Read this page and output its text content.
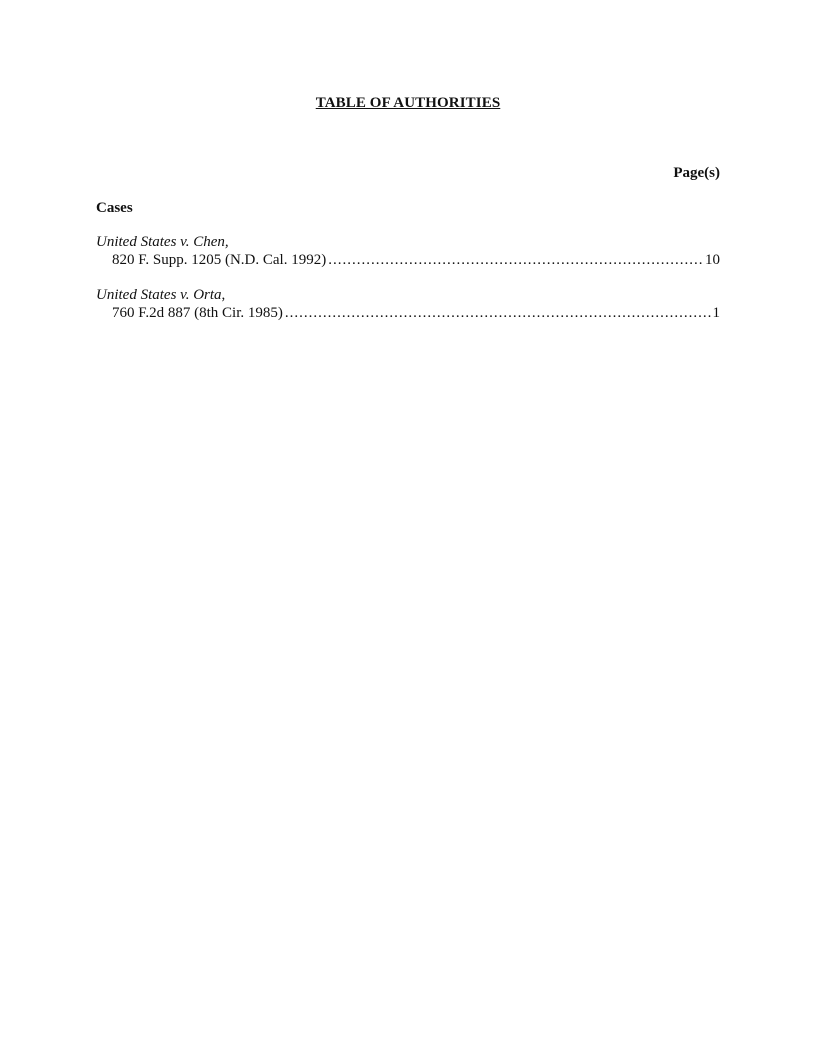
TABLE OF AUTHORITIES
Page(s)
Cases
United States v. Chen,
820 F. Supp. 1205 (N.D. Cal. 1992) .....	10
United States v. Orta,
760 F.2d 887 (8th Cir. 1985) .....	1
